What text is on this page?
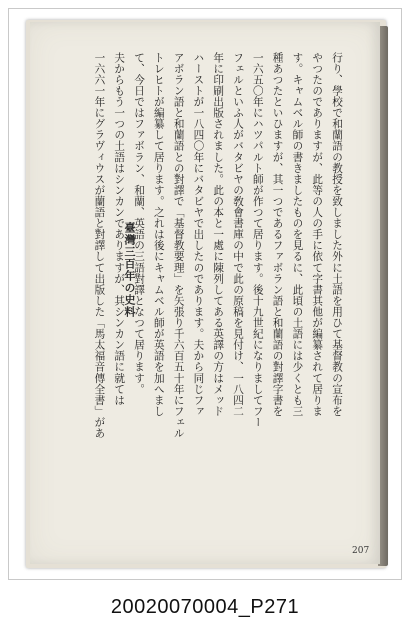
臺灣三百年の史料
207
行り、學校で和蘭語の教授を致しました外に土語を用ひて基督教の宣布を
やつたのでありますが、此等の人の手に依て字書其他が編纂されて居りま
す。キャムベル師の書きましたものを見るに、此頃の土語には少くとも三
種あつたといひますが、其一つであるファボラン語と和蘭語の對譯字書を
一六五〇年にハツパルト師が作つて居ります。後十九世紀になりましてフー
フェルといふ人がバタビヤの敎會書庫の中で此の原稿を見付け、一八四二
年に印刷出版されました。此の本と一處に陳列してある英譯の方はメッド
ハーストが一八四〇年にバタビヤで出したのであります。夫から同じファ
アボラン語と和蘭語との對譯で「基督教要理」を矢張り千六百五十年にフェル
トレヒトが編纂して居ります。之れは後にキャムベル師が英語を加へまし
て、今日ではファボラン、和蘭、英語の三語對譯となつて居ります。
夫からもう一つの土語はシンカンでありますが、其シンカン語に就ては
一六六一年にグラヴィウスが蘭語と對譯して出版した「馬太福音傳全書」があ
20020070004_P271
